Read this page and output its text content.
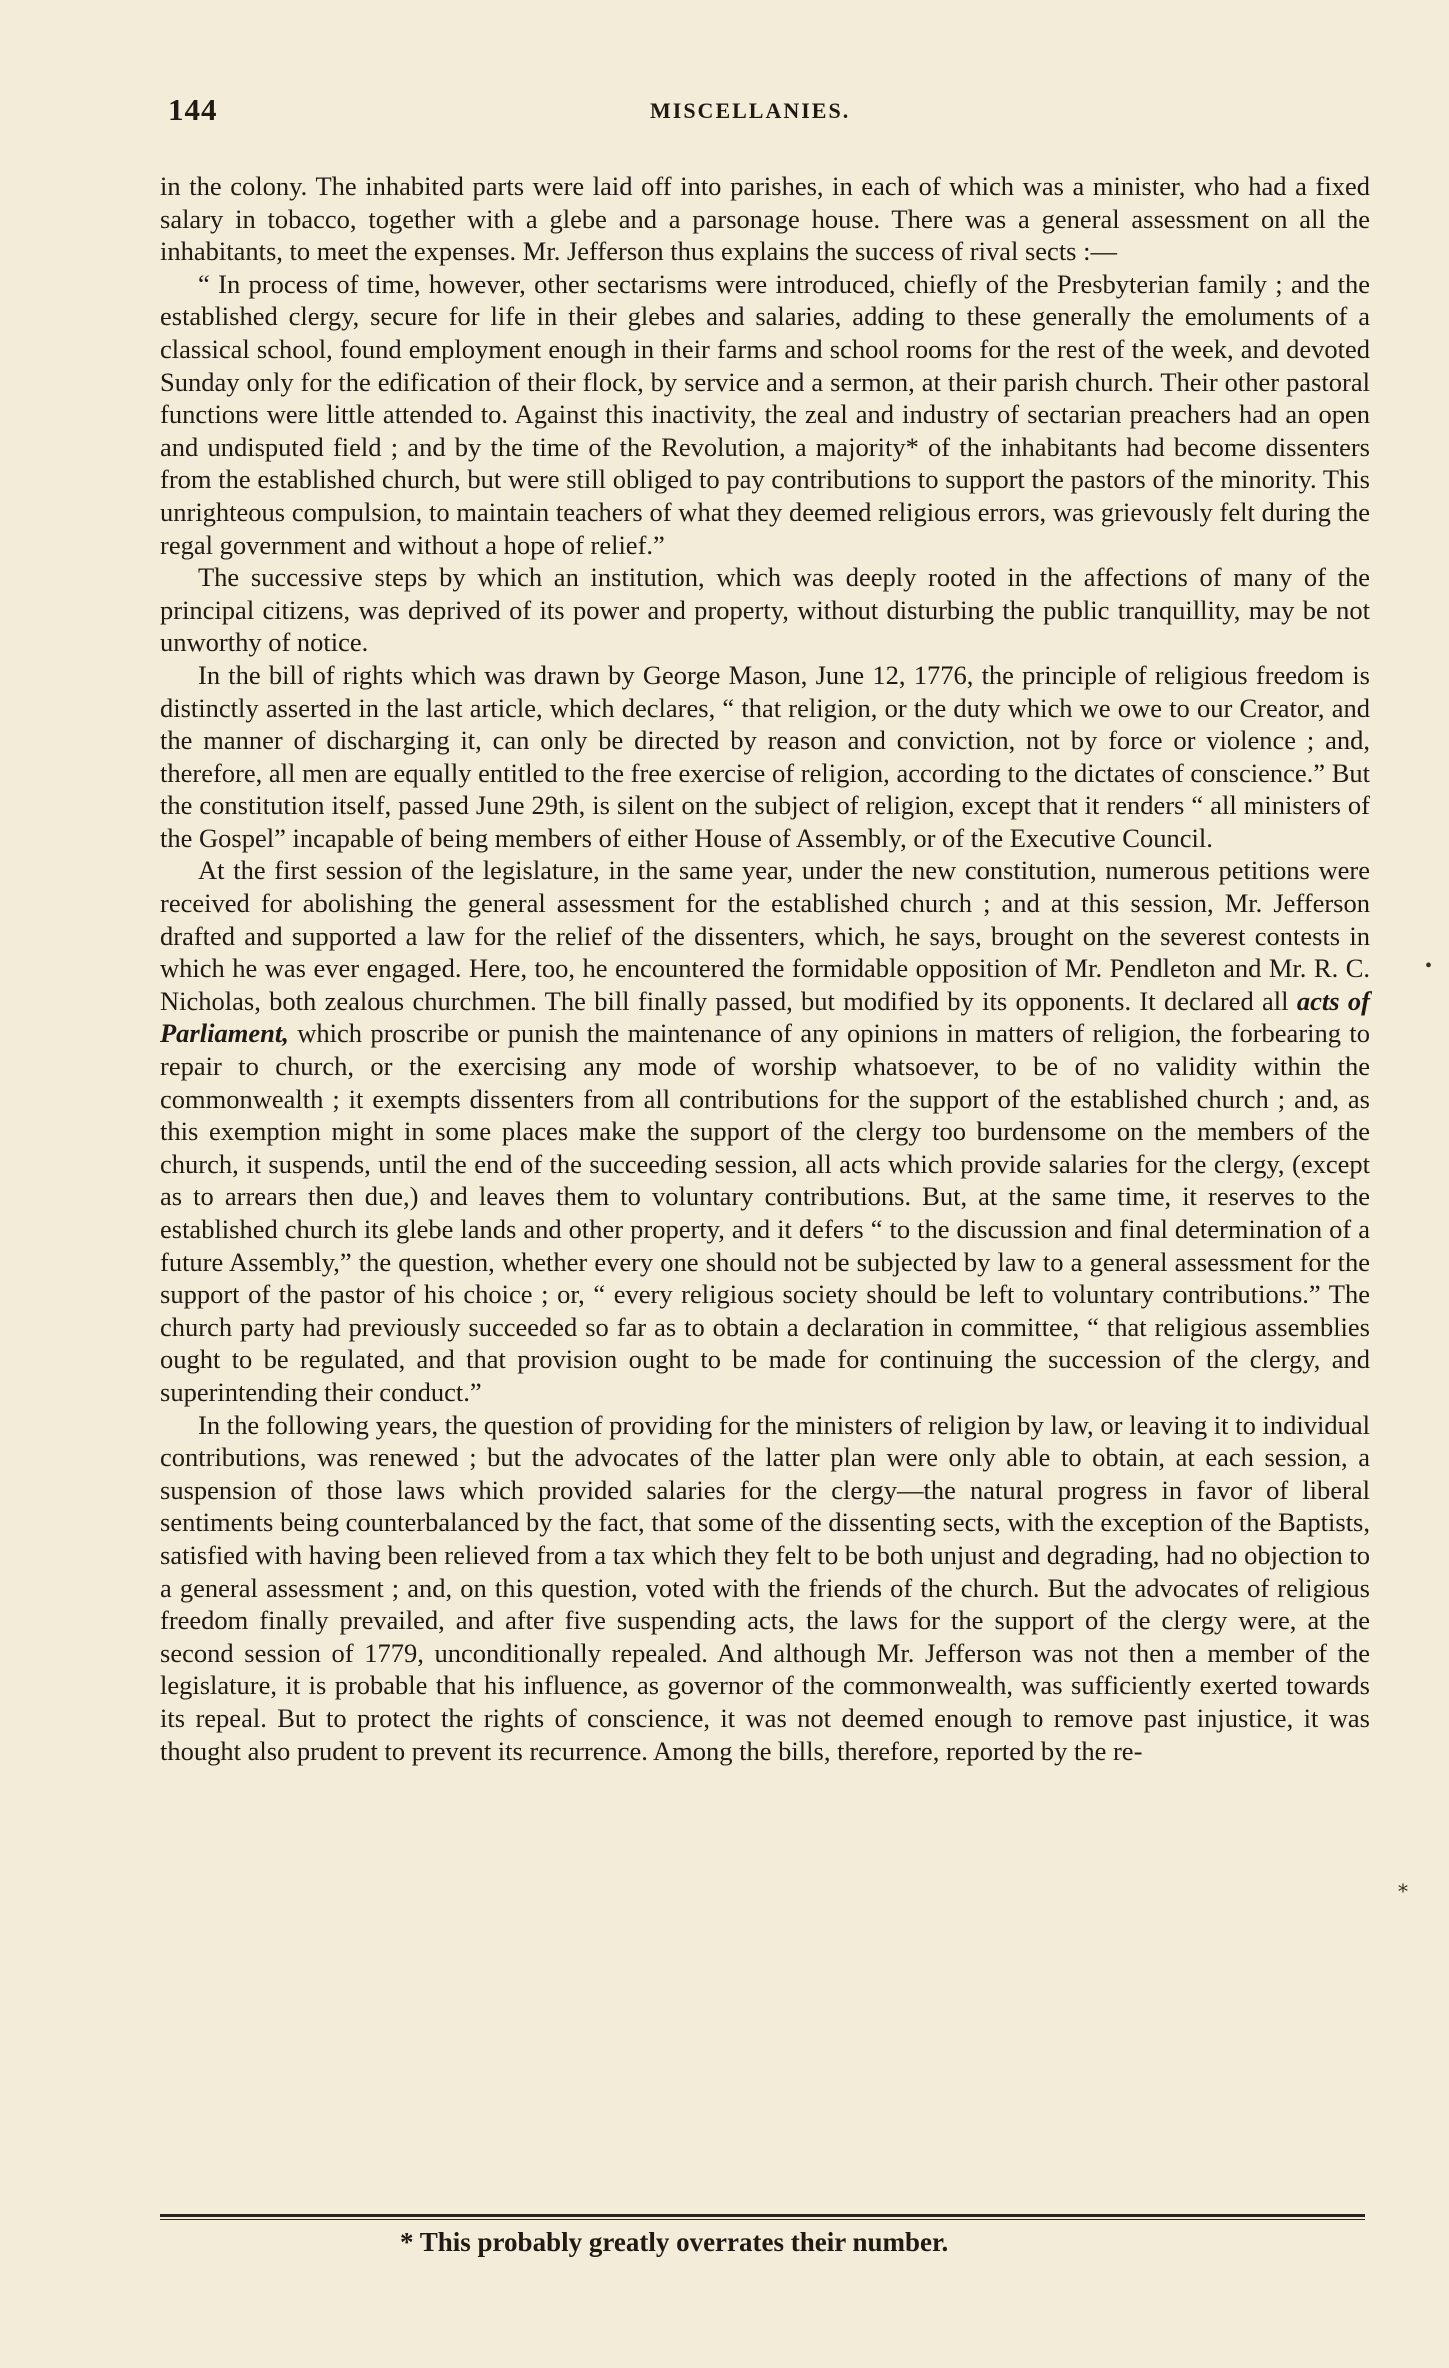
144	MISCELLANIES.

in the colony. The inhabited parts were laid off into parishes, in each of which was a minister, who had a fixed salary in tobacco, together with a glebe and a parsonage house. There was a general assessment on all the inhabitants, to meet the expenses. Mr. Jefferson thus explains the success of rival sects :—

“ In process of time, however, other sectarisms were introduced, chiefly of the Presbyterian family ; and the established clergy, secure for life in their glebes and salaries, adding to these generally the emoluments of a classical school, found employment enough in their farms and school rooms for the rest of the week, and devoted Sunday only for the edification of their flock, by service and a sermon, at their parish church. Their other pastoral functions were little attended to. Against this inactivity, the zeal and industry of sectarian preachers had an open and undisputed field ; and by the time of the Revolution, a majority* of the inhabitants had become dissenters from the established church, but were still obliged to pay contributions to support the pastors of the minority. This unrighteous compulsion, to maintain teachers of what they deemed religious errors, was grievously felt during the regal government and without a hope of relief.”

The successive steps by which an institution, which was deeply rooted in the affections of many of the principal citizens, was deprived of its power and property, without disturbing the public tranquillity, may be not unworthy of notice.

In the bill of rights which was drawn by George Mason, June 12, 1776, the principle of religious freedom is distinctly asserted in the last article, which declares, “ that religion, or the duty which we owe to our Creator, and the manner of discharging it, can only be directed by reason and conviction, not by force or violence ; and, therefore, all men are equally entitled to the free exercise of religion, according to the dictates of conscience.” But the constitution itself, passed June 29th, is silent on the subject of religion, except that it renders “ all ministers of the Gospel” incapable of being members of either House of Assembly, or of the Executive Council.

At the first session of the legislature, in the same year, under the new constitution, numerous petitions were received for abolishing the general assessment for the established church ; and at this session, Mr. Jefferson drafted and supported a law for the relief of the dissenters, which, he says, brought on the severest contests in which he was ever engaged. Here, too, he encountered the formidable opposition of Mr. Pendleton and Mr. R. C. Nicholas, both zealous churchmen. The bill finally passed, but modified by its opponents. It declared all acts of Parliament, which proscribe or punish the maintenance of any opinions in matters of religion, the forbearing to repair to church, or the exercising any mode of worship whatsoever, to be of no validity within the commonwealth ; it exempts dissenters from all contributions for the support of the established church ; and, as this exemption might in some places make the support of the clergy too burdensome on the members of the church, it suspends, until the end of the succeeding session, all acts which provide salaries for the clergy, (except as to arrears then due,) and leaves them to voluntary contributions. But, at the same time, it reserves to the established church its glebe lands and other property, and it defers “ to the discussion and final determination of a future Assembly,” the question, whether every one should not be subjected by law to a general assessment for the support of the pastor of his choice ; or, “ every religious society should be left to voluntary contributions.” The church party had previously succeeded so far as to obtain a declaration in committee, “ that religious assemblies ought to be regulated, and that provision ought to be made for continuing the succession of the clergy, and superintending their conduct.”

In the following years, the question of providing for the ministers of religion by law, or leaving it to individual contributions, was renewed ; but the advocates of the latter plan were only able to obtain, at each session, a suspension of those laws which provided salaries for the clergy—the natural progress in favor of liberal sentiments being counterbalanced by the fact, that some of the dissenting sects, with the exception of the Baptists, satisfied with having been relieved from a tax which they felt to be both unjust and degrading, had no objection to a general assessment ; and, on this question, voted with the friends of the church. But the advocates of religious freedom finally prevailed, and after five suspending acts, the laws for the support of the clergy were, at the second session of 1779, unconditionally repealed. And although Mr. Jefferson was not then a member of the legislature, it is probable that his influence, as governor of the commonwealth, was sufficiently exerted towards its repeal. But to protect the rights of conscience, it was not deemed enough to remove past injustice, it was thought also prudent to prevent its recurrence. Among the bills, therefore, reported by the re-

* This probably greatly overrates their number.
•
⁎
